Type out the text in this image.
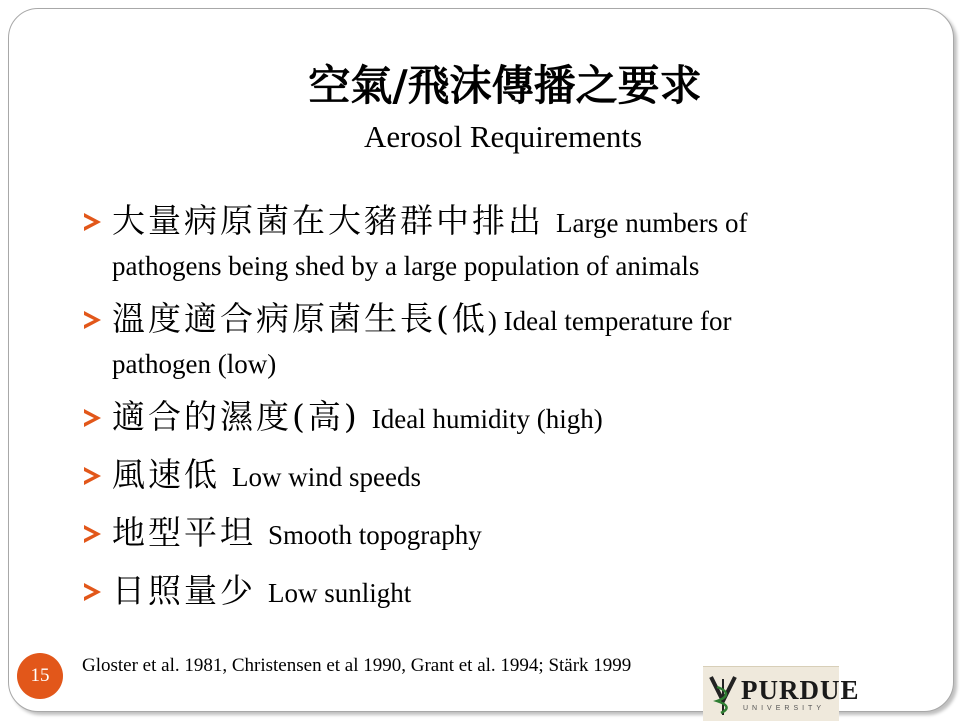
空氣/飛沫傳播之要求
Aerosol Requirements
大量病原菌在大豬群中排出 Large numbers of
pathogens being shed by a large population of animals
溫度適合病原菌生長(低) Ideal temperature for
pathogen (low)
適合的濕度(高) Ideal humidity (high)
風速低 Low wind speeds
地型平坦 Smooth topography
日照量少 Low sunlight
15	Gloster et al. 1981, Christensen et al 1990, Grant et al. 1994; Stärk 1999
PURDUE
UNIVERSITY
